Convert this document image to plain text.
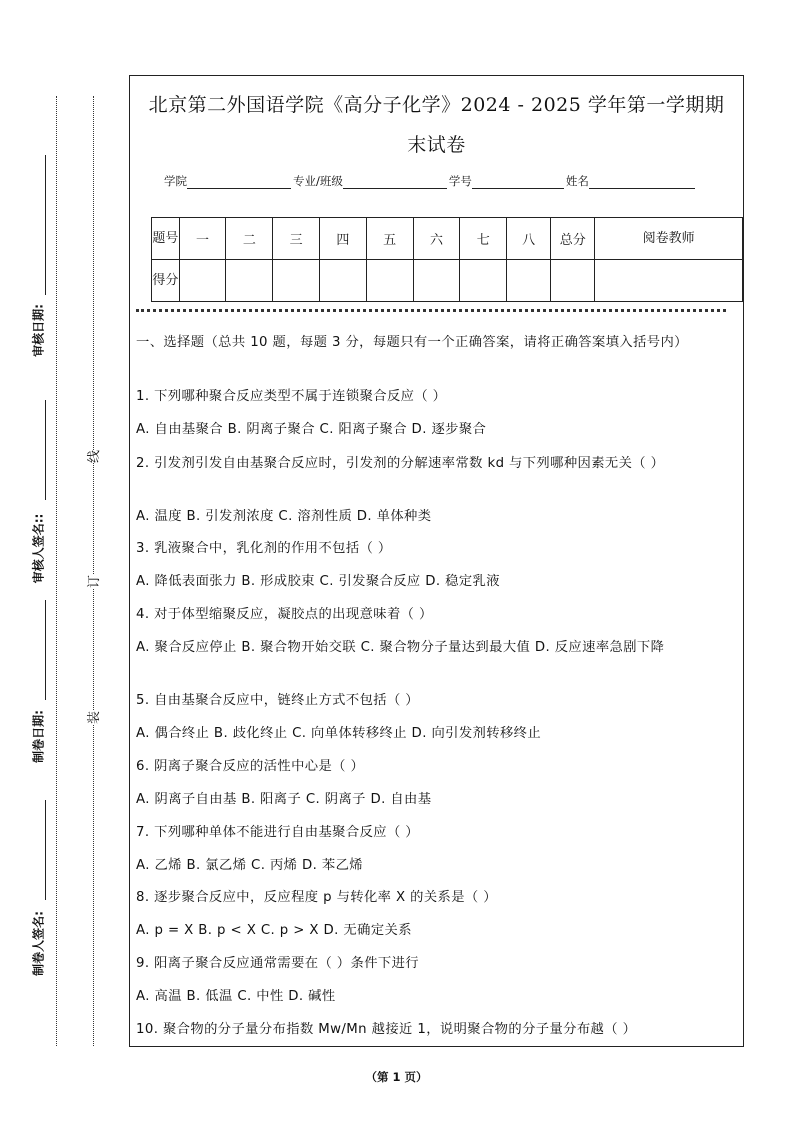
审核日期:
审核人签名::
制卷日期:
制卷人签名:
线
订
装
北京第二外国语学院《高分子化学》2024 - 2025 学年第一学期期
末试卷
学院	专业/班级	学号	姓名
题号	一	二	三	四	五	六	七	八	总分	阅卷教师
得分										
一、选择题（总共 10 题，每题 3 分，每题只有一个正确答案，请将正确答案填入括号内）
1. 下列哪种聚合反应类型不属于连锁聚合反应（ ）
A. 自由基聚合 B. 阴离子聚合 C. 阳离子聚合 D. 逐步聚合
2. 引发剂引发自由基聚合反应时，引发剂的分解速率常数 kd 与下列哪种因素无关（ ）
A. 温度 B. 引发剂浓度 C. 溶剂性质 D. 单体种类
3. 乳液聚合中，乳化剂的作用不包括（ ）
A. 降低表面张力 B. 形成胶束 C. 引发聚合反应 D. 稳定乳液
4. 对于体型缩聚反应，凝胶点的出现意味着（ ）
A. 聚合反应停止 B. 聚合物开始交联 C. 聚合物分子量达到最大值 D. 反应速率急剧下降
5. 自由基聚合反应中，链终止方式不包括（ ）
A. 偶合终止 B. 歧化终止 C. 向单体转移终止 D. 向引发剂转移终止
6. 阴离子聚合反应的活性中心是（ ）
A. 阴离子自由基 B. 阳离子 C. 阴离子 D. 自由基
7. 下列哪种单体不能进行自由基聚合反应（ ）
A. 乙烯 B. 氯乙烯 C. 丙烯 D. 苯乙烯
8. 逐步聚合反应中，反应程度 p 与转化率 X 的关系是（ ）
A. p = X B. p < X C. p > X D. 无确定关系
9. 阳离子聚合反应通常需要在（ ）条件下进行
A. 高温 B. 低温 C. 中性 D. 碱性
10. 聚合物的分子量分布指数 Mw/Mn 越接近 1，说明聚合物的分子量分布越（ ）
（第 1 页）
